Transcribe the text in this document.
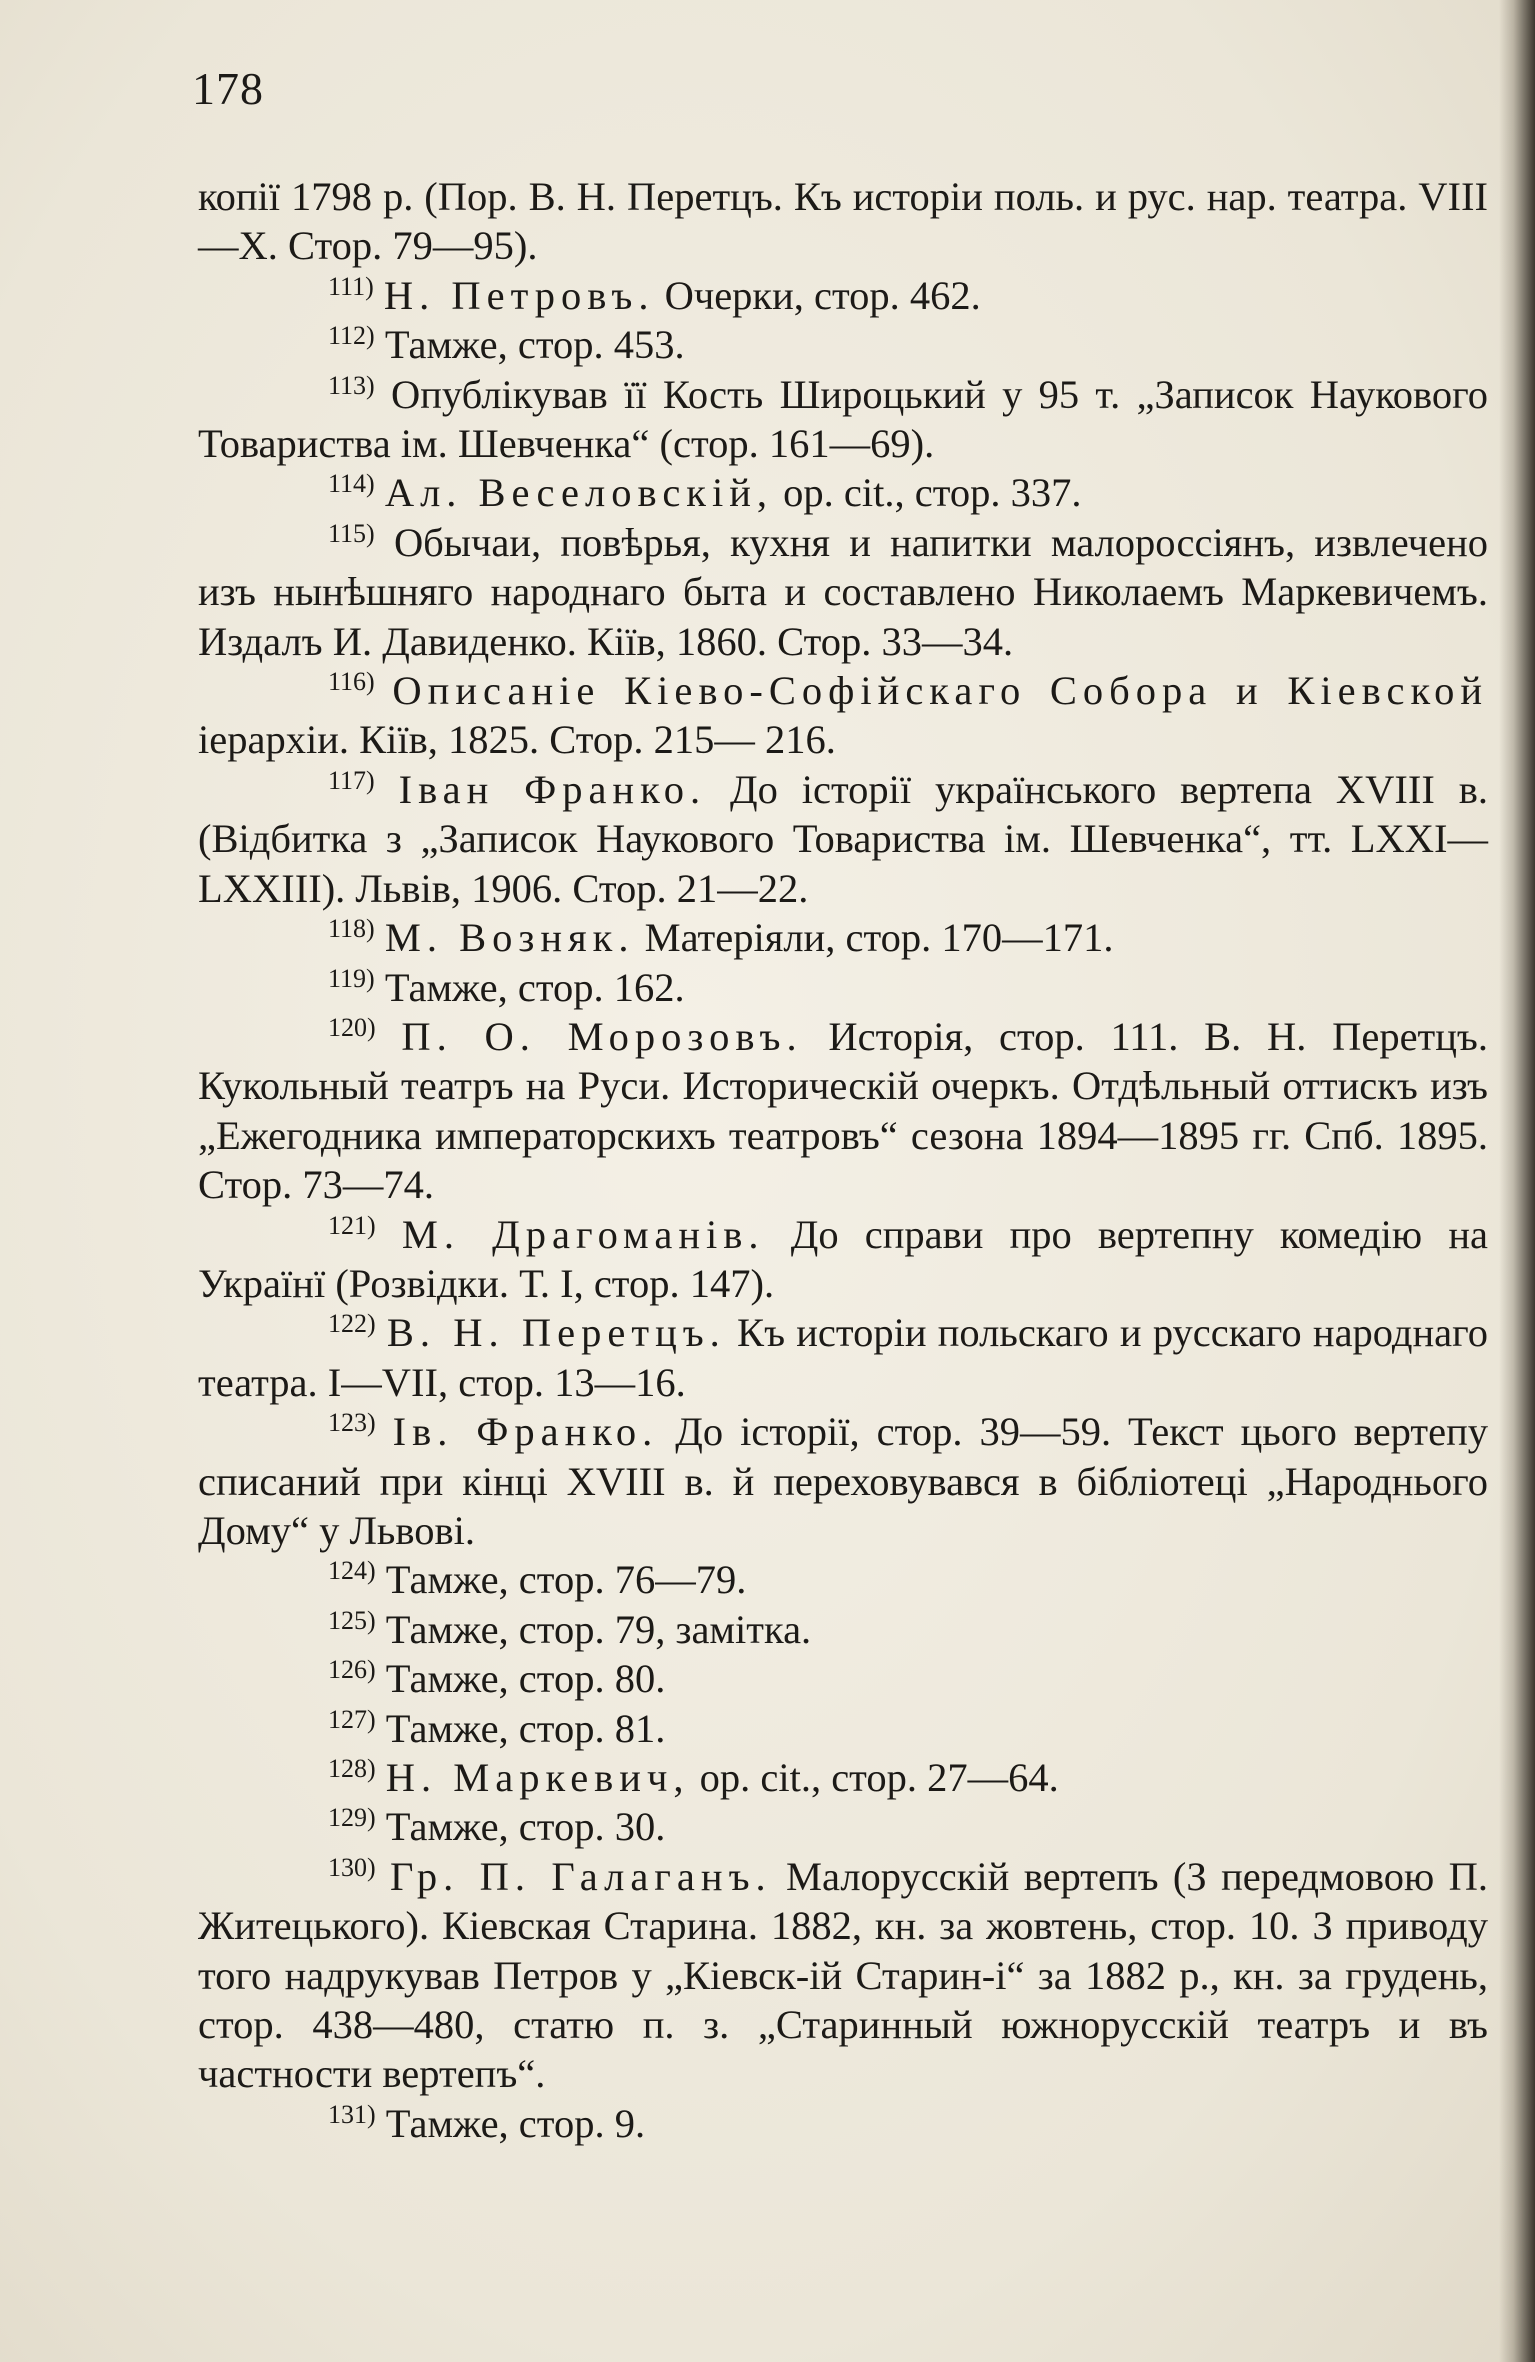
178

копії 1798 р. (Пор. В. Н. Перетцъ. Къ исторіи поль. и рус. нар. театра. VIII—X. Стор. 79—95).

$^{111)}$ Н. Петровъ. Очерки, стор. 462.

$^{112)}$ Тамже, стор. 453.

$^{113)}$ Опублікував її Кость Широцький у 95 т. „Записок Наукового Товариства ім. Шевченка“ (стор. 161—69).

$^{114)}$ Ал. Веселовскій, ор. cit., стор. 337.

$^{115)}$ Обычаи, повѣрья, кухня и напитки малороссіянъ, извлечено изъ нынѣшняго народнаго быта и составлено Николаемъ Маркевичемъ. Издалъ И. Давиденко. Кіїв, 1860. Стор. 33—34.

$^{116)}$ Описаніе Кіево-Софійскаго Собора и Кіевской іерархіи. Кіїв, 1825. Стор. 215— 216.

$^{117)}$ Іван Франко. До історії українського вертепа XVIII в. (Відбитка з „Записок Наукового Товариства ім. Шевченка“, тт. LXXI—LXXIII). Львів, 1906. Стор. 21—22.

$^{118)}$ М. Возняк. Матеріяли, стор. 170—171.

$^{119)}$ Тамже, стор. 162.

$^{120)}$ П. О. Морозовъ. Исторія, стор. 111. В. Н. Перетцъ. Кукольный театръ на Руси. Историческій очеркъ. Отдѣльный оттискъ изъ „Ежегодника императорскихъ театровъ“ сезона 1894—1895 гг. Спб. 1895. Стор. 73—74.

$^{121)}$ М. Драгоманів. До справи про вертепну комедію на Українї (Розвідки. Т. I, стор. 147).

$^{122)}$ В. Н. Перетцъ. Къ исторіи польскаго и русскаго народнаго театра. I—VII, стор. 13—16.

$^{123)}$ Ів. Франко. До історії, стор. 39—59. Текст цього вертепу списаний при кінці XVIII в. й переховувався в бібліотеці „Народнього Дому“ у Львові.

$^{124)}$ Тамже, стор. 76—79.

$^{125)}$ Тамже, стор. 79, замітка.

$^{126)}$ Тамже, стор. 80.

$^{127)}$ Тамже, стор. 81.

$^{128)}$ Н. Маркевич, ор. cit., стор. 27—64.

$^{129)}$ Тамже, стор. 30.

$^{130)}$ Гр. П. Галаганъ. Малорусскій вертепъ (З передмовою П. Житецького). Кіевская Старина. 1882, кн. за жовтень, стор. 10. З приводу того надрукував Петров у „Кіевск-ій Старин-і“ за 1882 р., кн. за грудень, стор. 438—480, статю п. з. „Старинный южнорусскій театръ и въ частности вертепъ“.

$^{131)}$ Тамже, стор. 9.
